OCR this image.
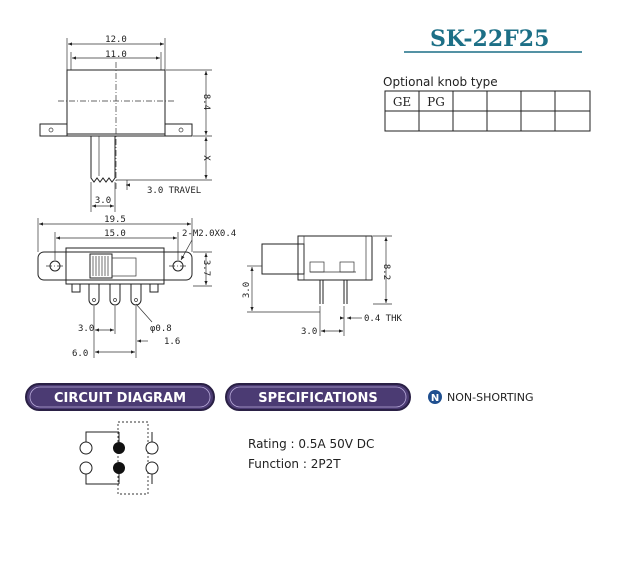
SK-22F25
Optional knob type
GE PG
12.0
11.0
8.4
X
3.0 TRAVEL
3.0
19.5
15.0	2-M2.0X0.4
3.7
3.0	φ0.8
1.6
6.0
3.0
8.2
0.4 THK
3.0
CIRCUIT DIAGRAM	SPECIFICATIONS	N NON-SHORTING
Rating : 0.5A 50V DC
Function : 2P2T
